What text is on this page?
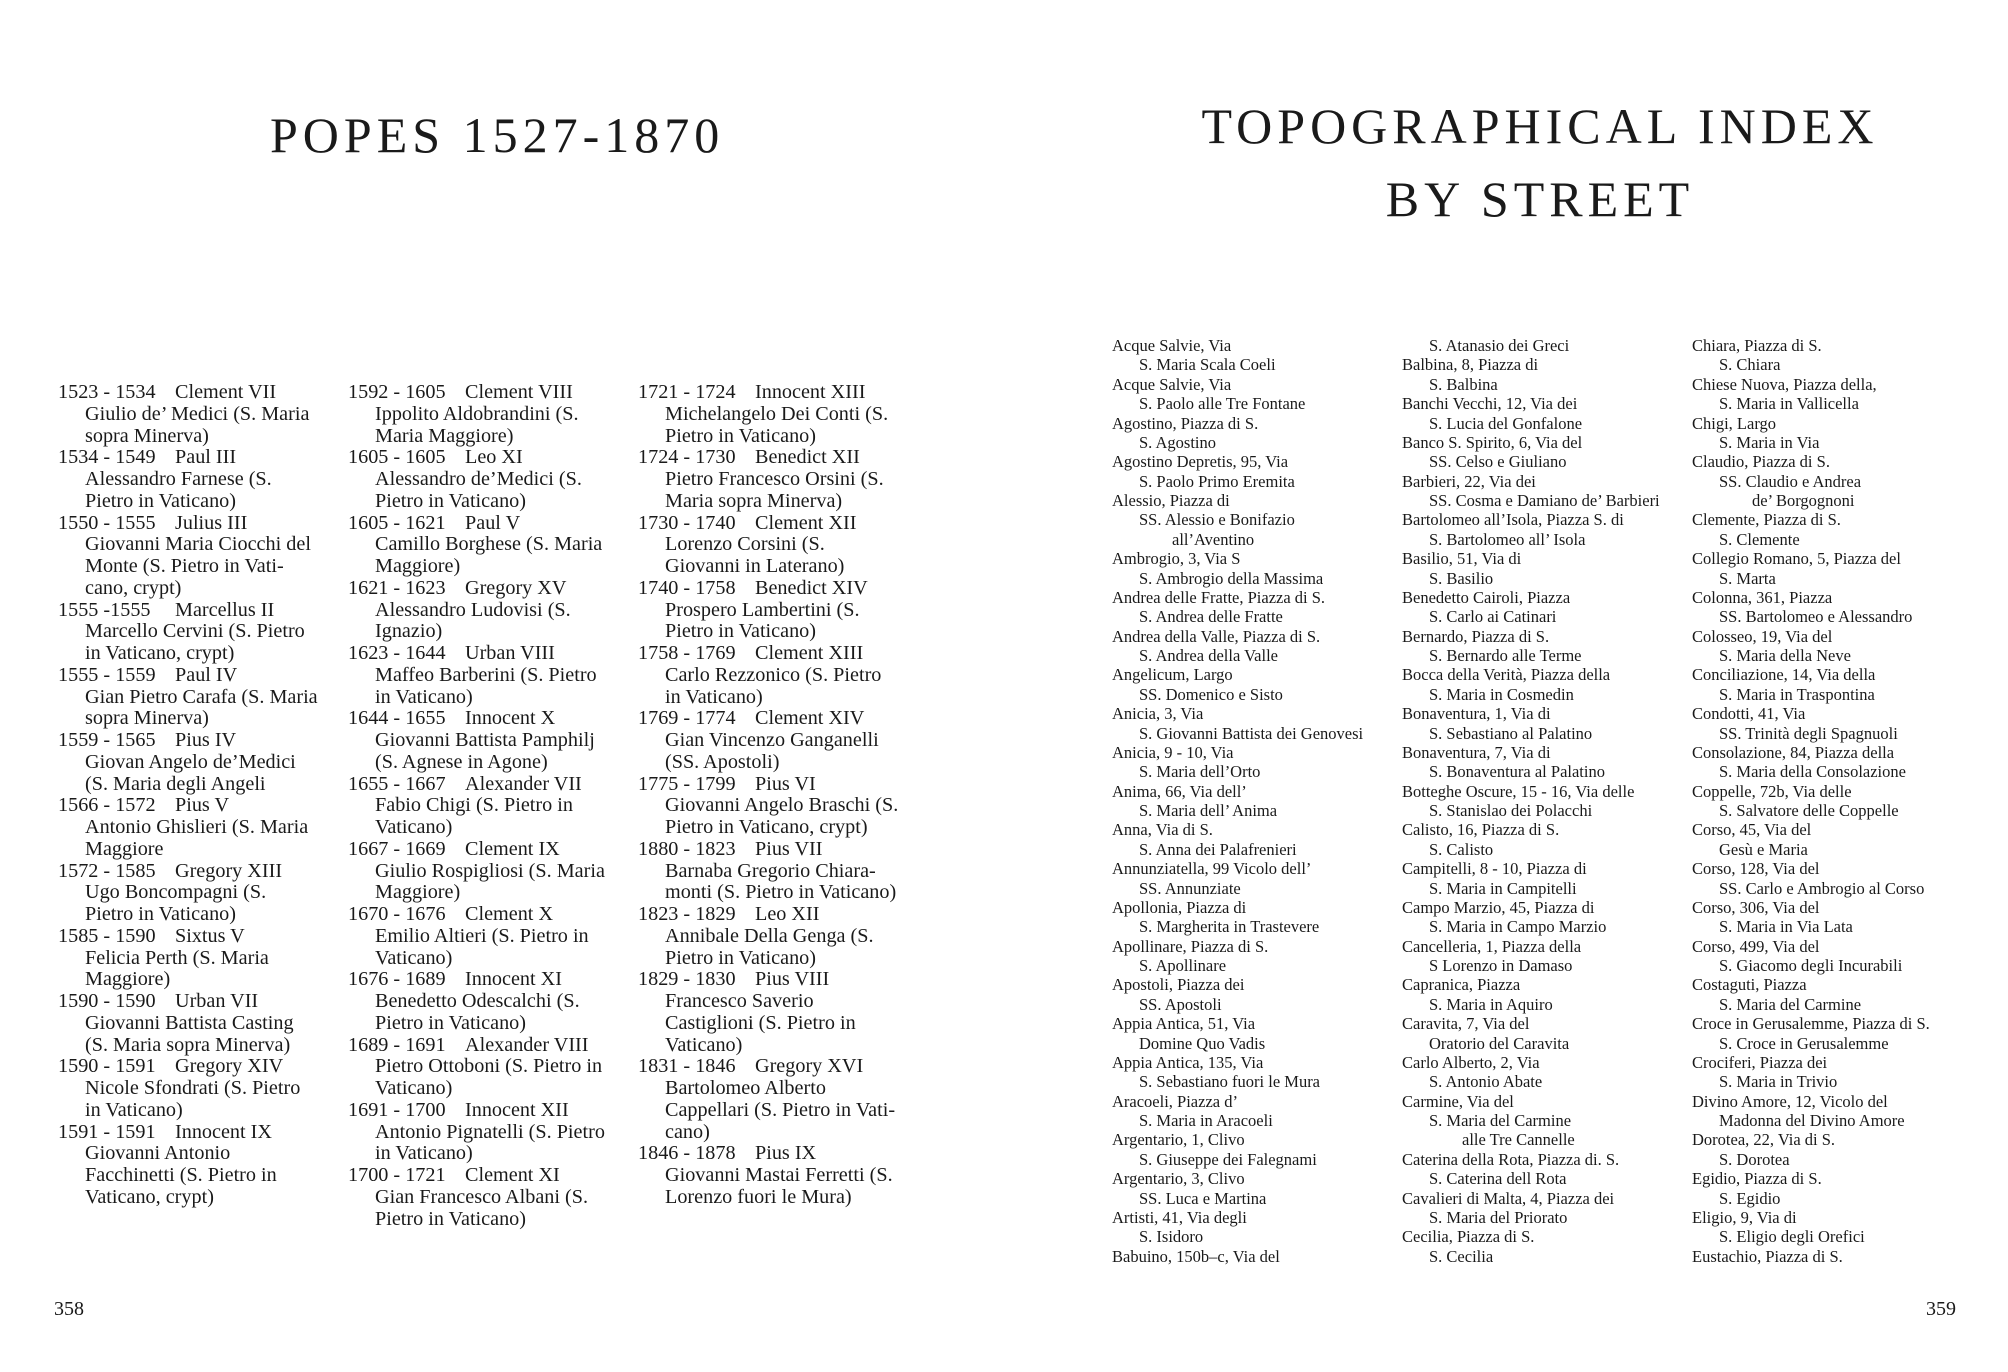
POPES 1527-1870	TOPOGRAPHICAL INDEX
BY STREET
1523 - 1534 Clement VII
Giulio de’ Medici (S. Maria
sopra Minerva)
1534 - 1549 Paul III
Alessandro Farnese (S.
Pietro in Vaticano)
1550 - 1555 Julius III
Giovanni Maria Ciocchi del
Monte (S. Pietro in Vati-
cano, crypt)
1555 -1555 Marcellus II
Marcello Cervini (S. Pietro
in Vaticano, crypt)
1555 - 1559 Paul IV
Gian Pietro Carafa (S. Maria
sopra Minerva)
1559 - 1565 Pius IV
Giovan Angelo de’Medici
(S. Maria degli Angeli
1566 - 1572 Pius V
Antonio Ghislieri (S. Maria
Maggiore
1572 - 1585 Gregory XIII
Ugo Boncompagni (S.
Pietro in Vaticano)
1585 - 1590 Sixtus V
Felicia Perth (S. Maria
Maggiore)
1590 - 1590 Urban VII
Giovanni Battista Casting
(S. Maria sopra Minerva)
1590 - 1591 Gregory XIV
Nicole Sfondrati (S. Pietro
in Vaticano)
1591 - 1591 Innocent IX
Giovanni Antonio
Facchinetti (S. Pietro in
Vaticano, crypt)
1592 - 1605 Clement VIII
Ippolito Aldobrandini (S.
Maria Maggiore)
1605 - 1605 Leo XI
Alessandro de’Medici (S.
Pietro in Vaticano)
1605 - 1621 Paul V
Camillo Borghese (S. Maria
Maggiore)
1621 - 1623 Gregory XV
Alessandro Ludovisi (S.
Ignazio)
1623 - 1644 Urban VIII
Maffeo Barberini (S. Pietro
in Vaticano)
1644 - 1655 Innocent X
Giovanni Battista Pamphilj
(S. Agnese in Agone)
1655 - 1667 Alexander VII
Fabio Chigi (S. Pietro in
Vaticano)
1667 - 1669 Clement IX
Giulio Rospigliosi (S. Maria
Maggiore)
1670 - 1676 Clement X
Emilio Altieri (S. Pietro in
Vaticano)
1676 - 1689 Innocent XI
Benedetto Odescalchi (S.
Pietro in Vaticano)
1689 - 1691 Alexander VIII
Pietro Ottoboni (S. Pietro in
Vaticano)
1691 - 1700 Innocent XII
Antonio Pignatelli (S. Pietro
in Vaticano)
1700 - 1721 Clement XI
Gian Francesco Albani (S.
Pietro in Vaticano)
1721 - 1724 Innocent XIII
Michelangelo Dei Conti (S.
Pietro in Vaticano)
1724 - 1730 Benedict XII
Pietro Francesco Orsini (S.
Maria sopra Minerva)
1730 - 1740 Clement XII
Lorenzo Corsini (S.
Giovanni in Laterano)
1740 - 1758 Benedict XIV
Prospero Lambertini (S.
Pietro in Vaticano)
1758 - 1769 Clement XIII
Carlo Rezzonico (S. Pietro
in Vaticano)
1769 - 1774 Clement XIV
Gian Vincenzo Ganganelli
(SS. Apostoli)
1775 - 1799 Pius VI
Giovanni Angelo Braschi (S.
Pietro in Vaticano, crypt)
1880 - 1823 Pius VII
Barnaba Gregorio Chiara-
monti (S. Pietro in Vaticano)
1823 - 1829 Leo XII
Annibale Della Genga (S.
Pietro in Vaticano)
1829 - 1830 Pius VIII
Francesco Saverio
Castiglioni (S. Pietro in
Vaticano)
1831 - 1846 Gregory XVI
Bartolomeo Alberto
Cappellari (S. Pietro in Vati-
cano)
1846 - 1878 Pius IX
Giovanni Mastai Ferretti (S.
Lorenzo fuori le Mura)
Acque Salvie, Via
S. Maria Scala Coeli
Acque Salvie, Via
S. Paolo alle Tre Fontane
Agostino, Piazza di S.
S. Agostino
Agostino Depretis, 95, Via
S. Paolo Primo Eremita
Alessio, Piazza di
SS. Alessio e Bonifazio
all’Aventino
Ambrogio, 3, Via S
S. Ambrogio della Massima
Andrea delle Fratte, Piazza di S.
S. Andrea delle Fratte
Andrea della Valle, Piazza di S.
S. Andrea della Valle
Angelicum, Largo
SS. Domenico e Sisto
Anicia, 3, Via
S. Giovanni Battista dei Genovesi
Anicia, 9 - 10, Via
S. Maria dell’Orto
Anima, 66, Via dell’
S. Maria dell’ Anima
Anna, Via di S.
S. Anna dei Palafrenieri
Annunziatella, 99 Vicolo dell’
SS. Annunziate
Apollonia, Piazza di
S. Margherita in Trastevere
Apollinare, Piazza di S.
S. Apollinare
Apostoli, Piazza dei
SS. Apostoli
Appia Antica, 51, Via
Domine Quo Vadis
Appia Antica, 135, Via
S. Sebastiano fuori le Mura
Aracoeli, Piazza d’
S. Maria in Aracoeli
Argentario, 1, Clivo
S. Giuseppe dei Falegnami
Argentario, 3, Clivo
SS. Luca e Martina
Artisti, 41, Via degli
S. Isidoro
Babuino, 150b–c, Via del
S. Atanasio dei Greci
Balbina, 8, Piazza di
S. Balbina
Banchi Vecchi, 12, Via dei
S. Lucia del Gonfalone
Banco S. Spirito, 6, Via del
SS. Celso e Giuliano
Barbieri, 22, Via dei
SS. Cosma e Damiano de’ Barbieri
Bartolomeo all’Isola, Piazza S. di
S. Bartolomeo all’ Isola
Basilio, 51, Via di
S. Basilio
Benedetto Cairoli, Piazza
S. Carlo ai Catinari
Bernardo, Piazza di S.
S. Bernardo alle Terme
Bocca della Verità, Piazza della
S. Maria in Cosmedin
Bonaventura, 1, Via di
S. Sebastiano al Palatino
Bonaventura, 7, Via di
S. Bonaventura al Palatino
Botteghe Oscure, 15 - 16, Via delle
S. Stanislao dei Polacchi
Calisto, 16, Piazza di S.
S. Calisto
Campitelli, 8 - 10, Piazza di
S. Maria in Campitelli
Campo Marzio, 45, Piazza di
S. Maria in Campo Marzio
Cancelleria, 1, Piazza della
S Lorenzo in Damaso
Capranica, Piazza
S. Maria in Aquiro
Caravita, 7, Via del
Oratorio del Caravita
Carlo Alberto, 2, Via
S. Antonio Abate
Carmine, Via del
S. Maria del Carmine
alle Tre Cannelle
Caterina della Rota, Piazza di. S.
S. Caterina dell Rota
Cavalieri di Malta, 4, Piazza dei
S. Maria del Priorato
Cecilia, Piazza di S.
S. Cecilia
Chiara, Piazza di S.
S. Chiara
Chiese Nuova, Piazza della,
S. Maria in Vallicella
Chigi, Largo
S. Maria in Via
Claudio, Piazza di S.
SS. Claudio e Andrea
de’ Borgognoni
Clemente, Piazza di S.
S. Clemente
Collegio Romano, 5, Piazza del
S. Marta
Colonna, 361, Piazza
SS. Bartolomeo e Alessandro
Colosseo, 19, Via del
S. Maria della Neve
Conciliazione, 14, Via della
S. Maria in Traspontina
Condotti, 41, Via
SS. Trinità degli Spagnuoli
Consolazione, 84, Piazza della
S. Maria della Consolazione
Coppelle, 72b, Via delle
S. Salvatore delle Coppelle
Corso, 45, Via del
Gesù e Maria
Corso, 128, Via del
SS. Carlo e Ambrogio al Corso
Corso, 306, Via del
S. Maria in Via Lata
Corso, 499, Via del
S. Giacomo degli Incurabili
Costaguti, Piazza
S. Maria del Carmine
Croce in Gerusalemme, Piazza di S.
S. Croce in Gerusalemme
Crociferi, Piazza dei
S. Maria in Trivio
Divino Amore, 12, Vicolo del
Madonna del Divino Amore
Dorotea, 22, Via di S.
S. Dorotea
Egidio, Piazza di S.
S. Egidio
Eligio, 9, Via di
S. Eligio degli Orefici
Eustachio, Piazza di S.
358	359
